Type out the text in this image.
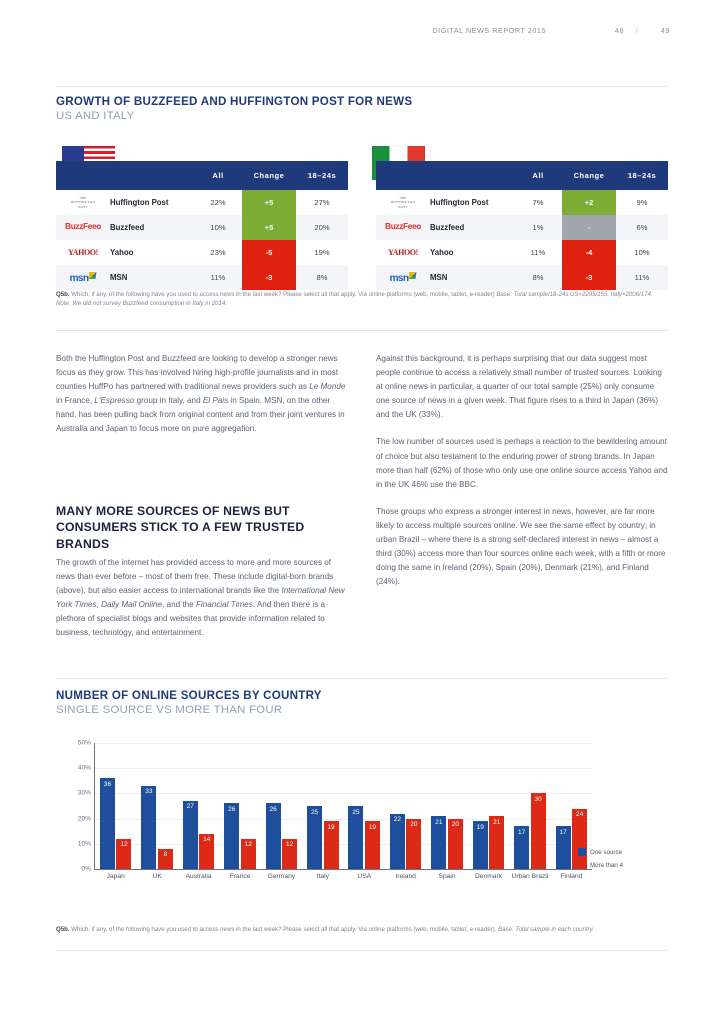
DIGITAL NEWS REPORT 2015	48	/	49
GROWTH OF BUZZFEED AND HUFFINGTON POST FOR NEWS
US AND ITALY
All	Change	18–24s
THE
HUFFINGTON
POST	Huffington Post	22%	+5	27%
BuzzFeeo Buzzfeed	10%	+5	20%
YAHOO! Yahoo	23%	-5	19%
msn	MSN	11%	-3	8%
All	Change	18–24s
THE
HUFFINGTON
POST	Huffington Post	7%	+2	9%
BuzzFeeo Buzzfeed	1%	-	6%
YAHOO! Yahoo	11%	-4	10%
msn	MSN	8%	-3	11%
Q5b. Which, if any, of the following have you used to access news in the last week? Please select all that apply. Via online platforms (web, mobile, tablet, e-reader) Base: Total sample/18-24s US=2295/155, Italy=2006/174. Note: We did not survey Buzzfeed consumption in Italy in 2014.

Both the Huffington Post and Buzzfeed are looking to develop a stronger news focus as they grow. This has involved hiring high-profile journalists and in most counties HuffPo has partnered with traditional news providers such as Le Monde in France, L'Espresso group in Italy, and El Pais in Spain. MSN, on the other hand, has been pulling back from original content and from their joint ventures in Australia and Japan to focus more on pure aggregation.

MANY MORE SOURCES OF NEWS BUT CONSUMERS STICK TO A FEW TRUSTED BRANDS

The growth of the internet has provided access to more and more sources of news than ever before – most of them free. These include digital-born brands (above), but also easier access to international brands like the International New York Times, Daily Mail Online, and the Financial Times. And then there is a plethora of specialist blogs and websites that provide information related to business, technology, and entertainment.

Against this background, it is perhaps surprising that our data suggest most people continue to access a relatively small number of trusted sources. Looking at online news in particular, a quarter of our total sample (25%) only consume one source of news in a given week. That figure rises to a third in Japan (36%) and the UK (33%).

The low number of sources used is perhaps a reaction to the bewildering amount of choice but also testament to the enduring power of strong brands. In Japan more than half (62%) of those who only use one online source access Yahoo and in the UK 46% use the BBC.

Those groups who express a stronger interest in news, however, are far more likely to access multiple sources online. We see the same effect by country; in urban Brazil – where there is a strong self-declared interest in news – almost a third (30%) access more than four sources online each week, with a fifth or more doing the same in Ireland (20%), Spain (20%), Denmark (21%), and Finland (24%).

NUMBER OF ONLINE SOURCES BY COUNTRY
SINGLE SOURCE VS MORE THAN FOUR
0%
10%
20%
30%
40%
50%
36
12
Japan
33
8
UK
27
14
Australia
26
12
France
26
12
Germany
25
19
Italy
25
19
USA
22
20
Ireland
21	20
Spain
19
21
Denmark
17
30
Urban Brazil
17
24
Finland
One source
More than 4
Q5b. Which, if any, of the following have you used to access news in the last week? Please select all that apply. Via online platforms (web, mobile, tablet, e-reader). Base: Total sample in each country.
